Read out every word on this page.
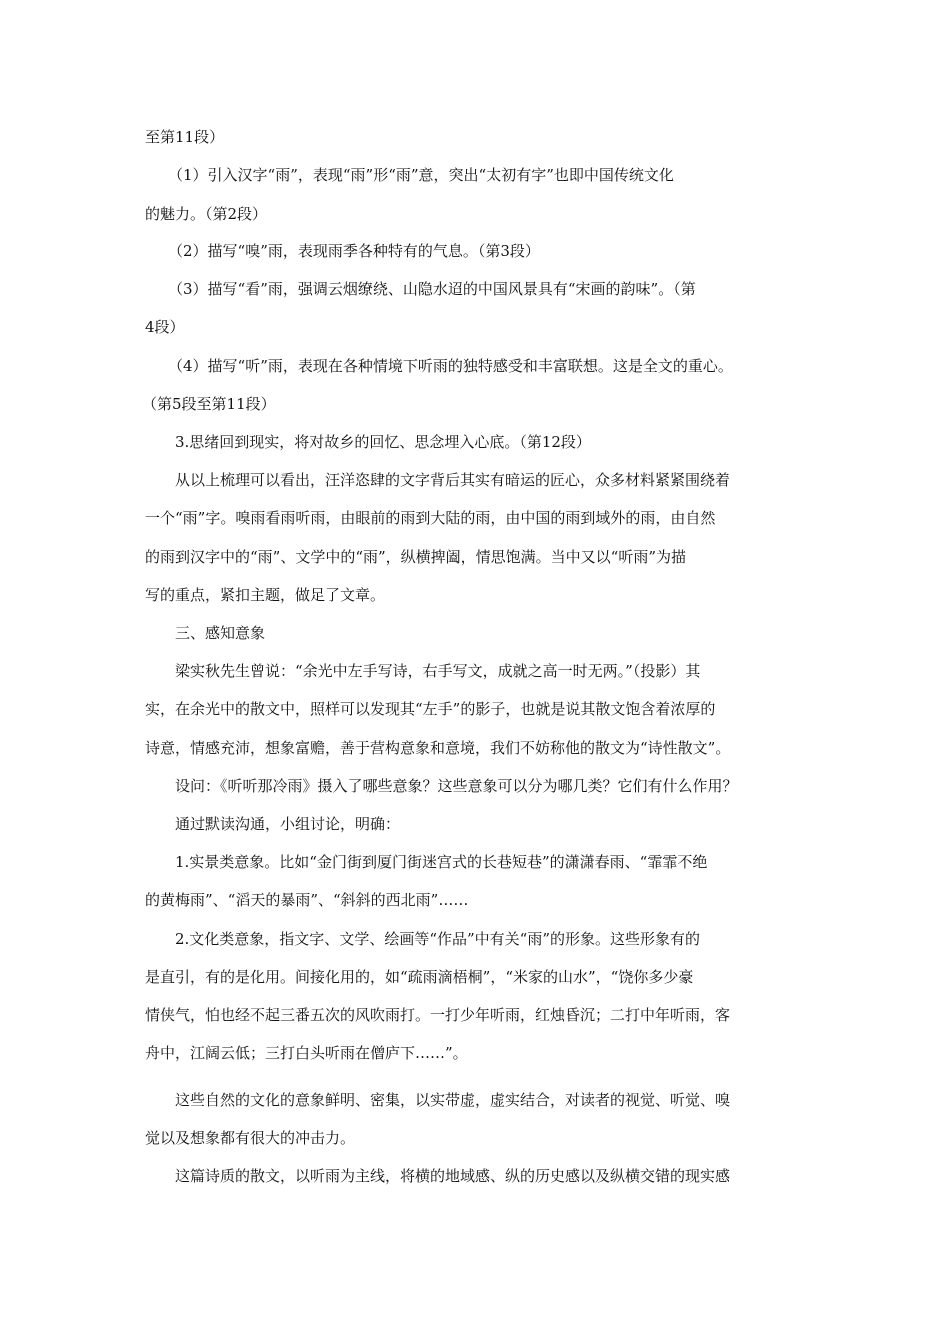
至第11段）
（1）引入汉字“雨”，表现“雨”形“雨”意，突出“太初有字”也即中国传统文化
的魅力。（第2段）
（2）描写“嗅”雨，表现雨季各种特有的气息。（第3段）
（3）描写“看”雨，强调云烟缭绕、山隐水迢的中国风景具有“宋画的韵味”。（第
4段）
（4）描写“听”雨，表现在各种情境下听雨的独特感受和丰富联想。这是全文的重心。
（第5段至第11段）
3.思绪回到现实，将对故乡的回忆、思念埋入心底。（第12段）
从以上梳理可以看出，汪洋恣肆的文字背后其实有暗运的匠心，众多材料紧紧围绕着
一个“雨”字。嗅雨看雨听雨，由眼前的雨到大陆的雨，由中国的雨到域外的雨，由自然
的雨到汉字中的“雨”、文学中的“雨”，纵横捭阖，情思饱满。当中又以“听雨”为描
写的重点，紧扣主题，做足了文章。
三、感知意象
梁实秋先生曾说：“余光中左手写诗，右手写文，成就之高一时无两。”（投影）其
实，在余光中的散文中，照样可以发现其“左手”的影子，也就是说其散文饱含着浓厚的
诗意，情感充沛，想象富赡，善于营构意象和意境，我们不妨称他的散文为“诗性散文”。
设问：《听听那冷雨》摄入了哪些意象？这些意象可以分为哪几类？它们有什么作用？
通过默读沟通，小组讨论，明确：
1.实景类意象。比如“金门街到厦门街迷宫式的长巷短巷”的潇潇春雨、“霏霏不绝
的黄梅雨”、“滔天的暴雨”、“斜斜的西北雨”……
2.文化类意象，指文字、文学、绘画等“作品”中有关“雨”的形象。这些形象有的
是直引，有的是化用。间接化用的，如“疏雨滴梧桐”，“米家的山水”，“饶你多少豪
情侠气，怕也经不起三番五次的风吹雨打。一打少年听雨，红烛昏沉；二打中年听雨，客
舟中，江阔云低；三打白头听雨在僧庐下……”。
这些自然的文化的意象鲜明、密集，以实带虚，虚实结合，对读者的视觉、听觉、嗅
觉以及想象都有很大的冲击力。
这篇诗质的散文，以听雨为主线，将横的地域感、纵的历史感以及纵横交错的现实感
